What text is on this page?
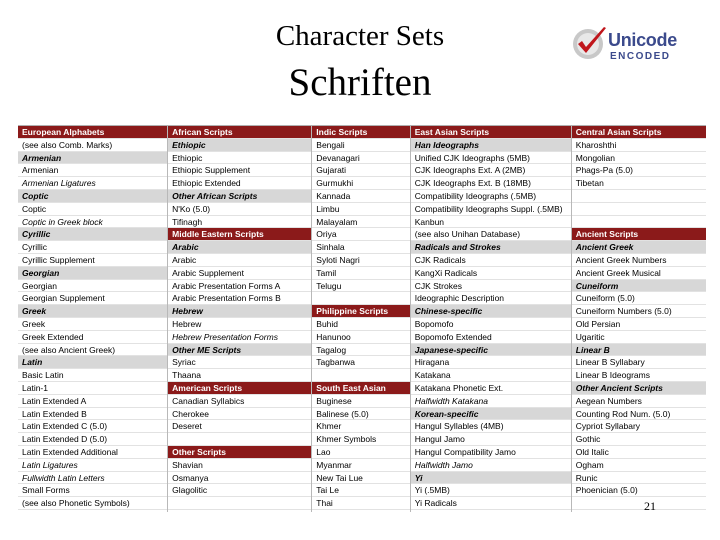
Character Sets
Schriften
Unicode
ENCODED
European Alphabets
(see also Comb. Marks)
Armenian
Armenian
Armenian Ligatures
Coptic
Coptic
Coptic in Greek block
Cyrillic
Cyrillic
Cyrillic Supplement
Georgian
Georgian
Georgian Supplement
Greek
Greek
Greek Extended
(see also Ancient Greek)
Latin
Basic Latin
Latin-1
Latin Extended A
Latin Extended B
Latin Extended C (5.0)
Latin Extended D (5.0)
Latin Extended Additional
Latin Ligatures
Fullwidth Latin Letters
Small Forms
(see also Phonetic Symbols)
African Scripts
Ethiopic
Ethiopic
Ethiopic Supplement
Ethiopic Extended
Other African Scripts
N'Ko (5.0)
Tifinagh
Middle Eastern Scripts
Arabic
Arabic
Arabic Supplement
Arabic Presentation Forms A
Arabic Presentation Forms B
Hebrew
Hebrew
Hebrew Presentation Forms
Other ME Scripts
Syriac
Thaana
American Scripts
Canadian Syllabics
Cherokee
Deseret
Other Scripts
Shavian
Osmanya
Glagolitic
Indic Scripts
Bengali
Devanagari
Gujarati
Gurmukhi
Kannada
Limbu
Malayalam
Oriya
Sinhala
Syloti Nagri
Tamil
Telugu
Philippine Scripts
Buhid
Hanunoo
Tagalog
Tagbanwa
South East Asian
Buginese
Balinese (5.0)
Khmer
Khmer Symbols
Lao
Myanmar
New Tai Lue
Tai Le
Thai
East Asian Scripts
Han Ideographs
Unified CJK Ideographs (5MB)
CJK Ideographs Ext. A (2MB)
CJK Ideographs Ext. B (18MB)
Compatibility Ideographs (.5MB)
Compatibility Ideographs Suppl. (.5MB)
Kanbun
(see also Unihan Database)
Radicals and Strokes
CJK Radicals
KangXi Radicals
CJK Strokes
Ideographic Description
Chinese-specific
Bopomofo
Bopomofo Extended
Japanese-specific
Hiragana
Katakana
Katakana Phonetic Ext.
Halfwidth Katakana
Korean-specific
Hangul Syllables (4MB)
Hangul Jamo
Hangul Compatibility Jamo
Halfwidth Jamo
Yi
Yi (.5MB)
Yi Radicals
Central Asian Scripts
Kharoshthi
Mongolian
Phags-Pa (5.0)
Tibetan
Ancient Scripts
Ancient Greek
Ancient Greek Numbers
Ancient Greek Musical
Cuneiform
Cuneiform (5.0)
Cuneiform Numbers (5.0)
Old Persian
Ugaritic
Linear B
Linear B Syllabary
Linear B Ideograms
Other Ancient Scripts
Aegean Numbers
Counting Rod Num. (5.0)
Cypriot Syllabary
Gothic
Old Italic
Ogham
Runic
Phoenician (5.0)
21
